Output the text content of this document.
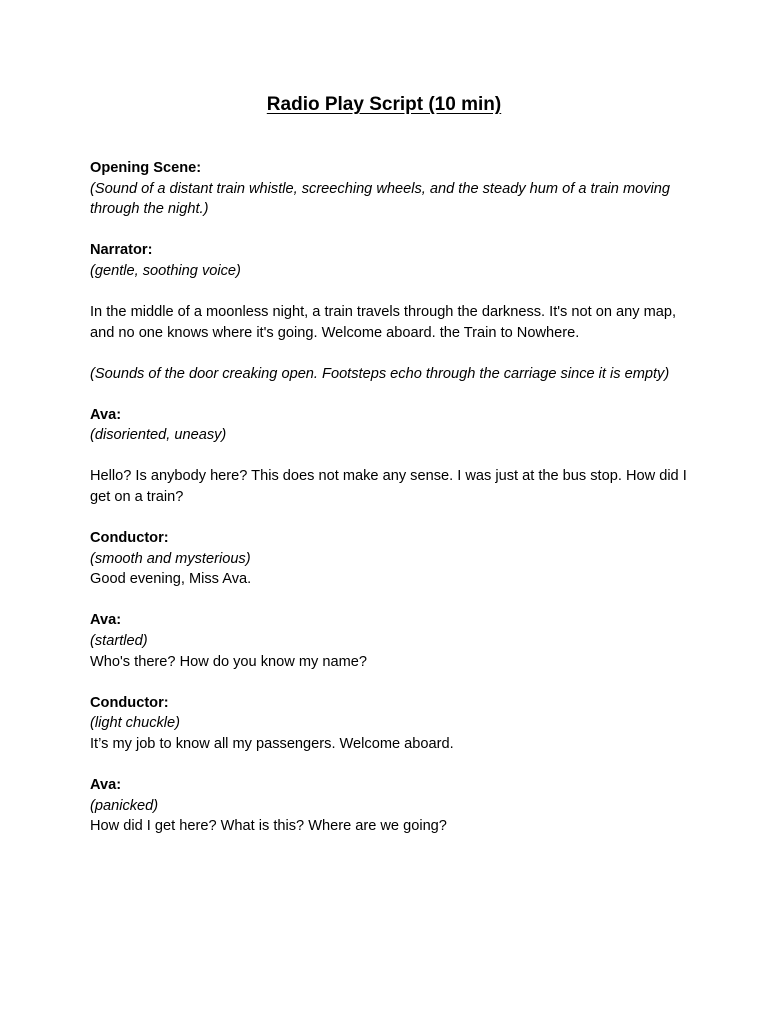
Radio Play Script (10 min)

Opening Scene:
(Sound of a distant train whistle, screeching wheels, and the steady hum of a train moving through the night.)

Narrator:
(gentle, soothing voice)

In the middle of a moonless night, a train travels through the darkness. It's not on any map, and no one knows where it's going. Welcome aboard. the Train to Nowhere.

(Sounds of the door creaking open. Footsteps echo through the carriage since it is empty)

Ava:
(disoriented, uneasy)

Hello? Is anybody here? This does not make any sense. I was just at the bus stop. How did I get on a train?

Conductor:
(smooth and mysterious)
Good evening, Miss Ava.

Ava:
(startled)
Who's there? How do you know my name?

Conductor:
(light chuckle)
It’s my job to know all my passengers. Welcome aboard.

Ava:
(panicked)
How did I get here? What is this? Where are we going?
